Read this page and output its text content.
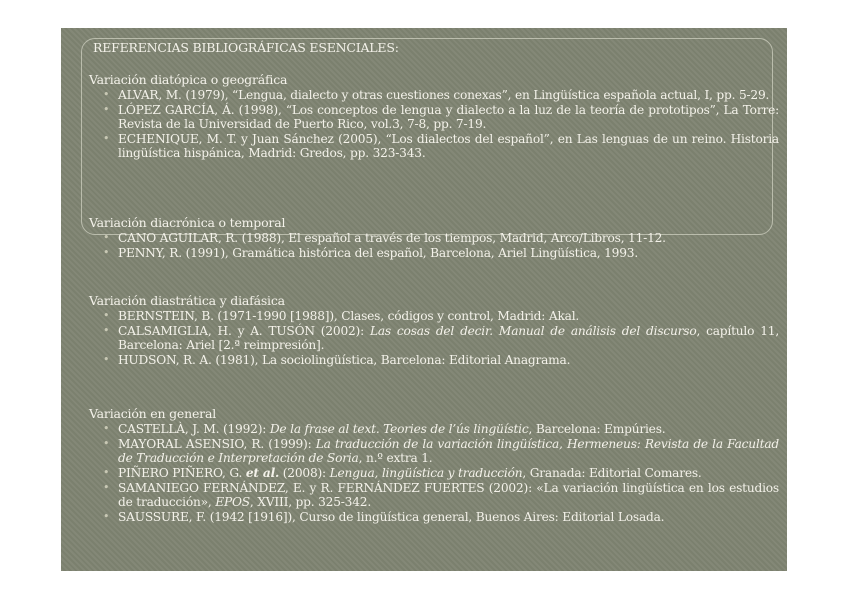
REFERENCIAS BIBLIOGRÁFICAS ESENCIALES:
Variación diatópica o geográfica
• ALVAR, M. (1979), “Lengua, dialecto y otras cuestiones conexas”, en Lingüística española actual, I, pp. 5-29.
• LÓPEZ GARCÍA, Á. (1998), “Los conceptos de lengua y dialecto a la luz de la teoría de prototipos”, La Torre: Revista de la Universidad de Puerto Rico, vol.3, 7-8, pp. 7-19.
• ECHENIQUE, M. T. y Juan Sánchez (2005), “Los dialectos del español”, en Las lenguas de un reino. Historia lingüística hispánica, Madrid: Gredos, pp. 323-343.
Variación diacrónica o temporal
• CANO AGUILAR, R. (1988), El español a través de los tiempos, Madrid, Arco/Libros, 11-12.
• PENNY, R. (1991), Gramática histórica del español, Barcelona, Ariel Lingüística, 1993.
Variación diastrática y diafásica
• BERNSTEIN, B. (1971-1990 [1988]), Clases, códigos y control, Madrid: Akal.
• CALSAMIGLIA, H. y A. TUSÓN (2002): Las cosas del decir. Manual de análisis del discurso, capítulo 11, Barcelona: Ariel [2.ª reimpresión].
• HUDSON, R. A. (1981), La sociolingüística, Barcelona: Editorial Anagrama.
Variación en general
• CASTELLÀ, J. M. (1992): De la frase al text. Teories de l’ús lingüístic, Barcelona: Empúries.
• MAYORAL ASENSIO, R. (1999): La traducción de la variación lingüística, Hermeneus: Revista de la Facultad de Traducción e Interpretación de Soria, n.º extra 1.
• PIÑERO PIÑERO, G. et al. (2008): Lengua, lingüística y traducción, Granada: Editorial Comares.
• SAMANIEGO FERNÁNDEZ, E. y R. FERNÁNDEZ FUERTES (2002): «La variación lingüística en los estudios de traducción», EPOS, XVIII, pp. 325-342.
• SAUSSURE, F. (1942 [1916]), Curso de lingüística general, Buenos Aires: Editorial Losada.
